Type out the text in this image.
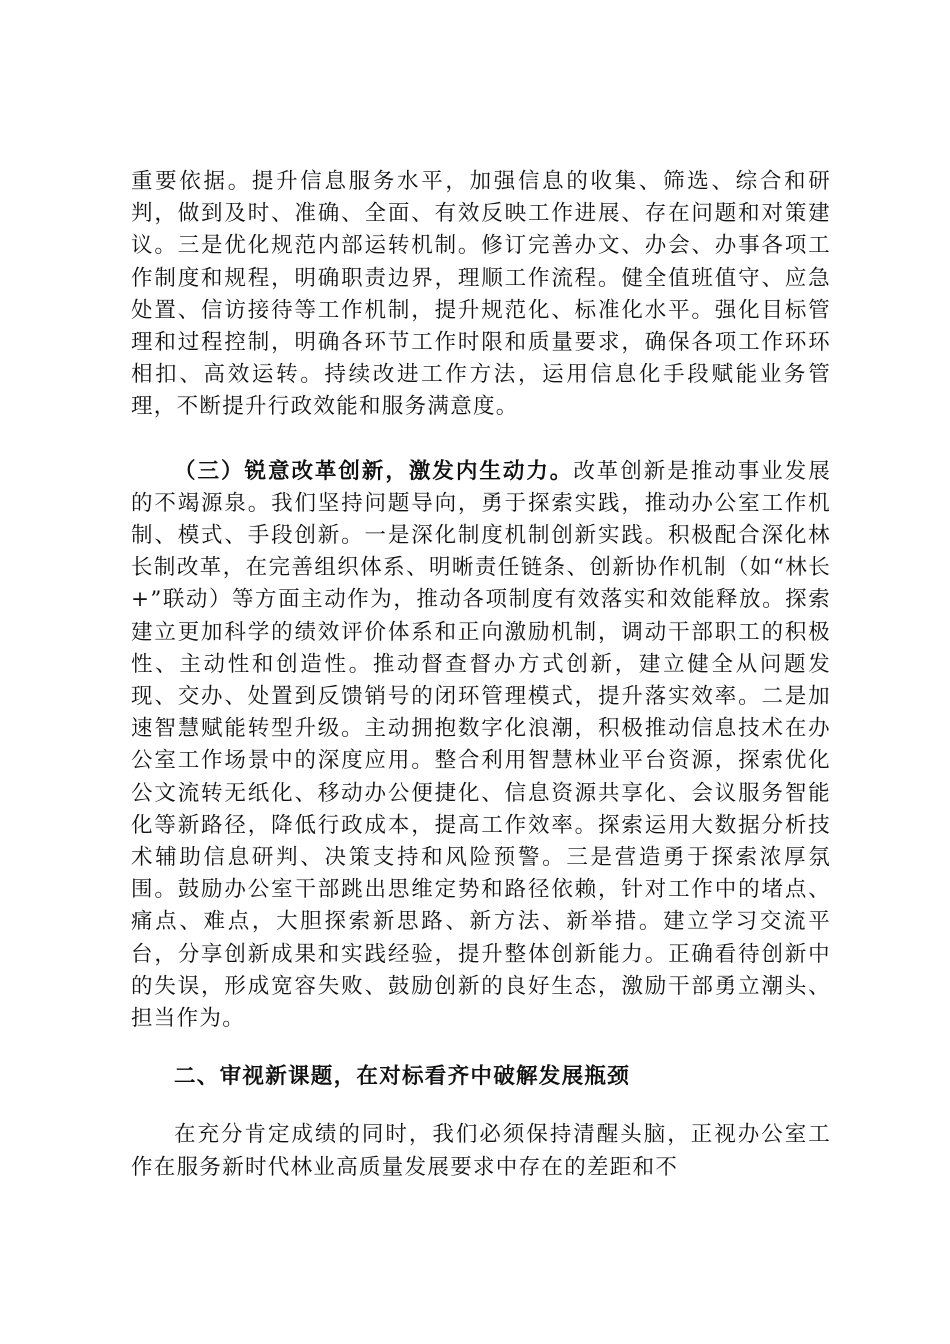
重要依据。提升信息服务水平，加强信息的收集、筛选、综合和研判，做到及时、准确、全面、有效反映工作进展、存在问题和对策建议。三是优化规范内部运转机制。修订完善办文、办会、办事各项工作制度和规程，明确职责边界，理顺工作流程。健全值班值守、应急处置、信访接待等工作机制，提升规范化、标准化水平。强化目标管理和过程控制，明确各环节工作时限和质量要求，确保各项工作环环相扣、高效运转。持续改进工作方法，运用信息化手段赋能业务管理，不断提升行政效能和服务满意度。

（三）锐意改革创新，激发内生动力。改革创新是推动事业发展的不竭源泉。我们坚持问题导向，勇于探索实践，推动办公室工作机制、模式、手段创新。一是深化制度机制创新实践。积极配合深化林长制改革，在完善组织体系、明晰责任链条、创新协作机制（如“林长+”联动）等方面主动作为，推动各项制度有效落实和效能释放。探索建立更加科学的绩效评价体系和正向激励机制，调动干部职工的积极性、主动性和创造性。推动督查督办方式创新，建立健全从问题发现、交办、处置到反馈销号的闭环管理模式，提升落实效率。二是加速智慧赋能转型升级。主动拥抱数字化浪潮，积极推动信息技术在办公室工作场景中的深度应用。整合利用智慧林业平台资源，探索优化公文流转无纸化、移动办公便捷化、信息资源共享化、会议服务智能化等新路径，降低行政成本，提高工作效率。探索运用大数据分析技术辅助信息研判、决策支持和风险预警。三是营造勇于探索浓厚氛围。鼓励办公室干部跳出思维定势和路径依赖，针对工作中的堵点、痛点、难点，大胆探索新思路、新方法、新举措。建立学习交流平台，分享创新成果和实践经验，提升整体创新能力。正确看待创新中的失误，形成宽容失败、鼓励创新的良好生态，激励干部勇立潮头、担当作为。

二、审视新课题，在对标看齐中破解发展瓶颈

在充分肯定成绩的同时，我们必须保持清醒头脑，正视办公室工作在服务新时代林业高质量发展要求中存在的差距和不
